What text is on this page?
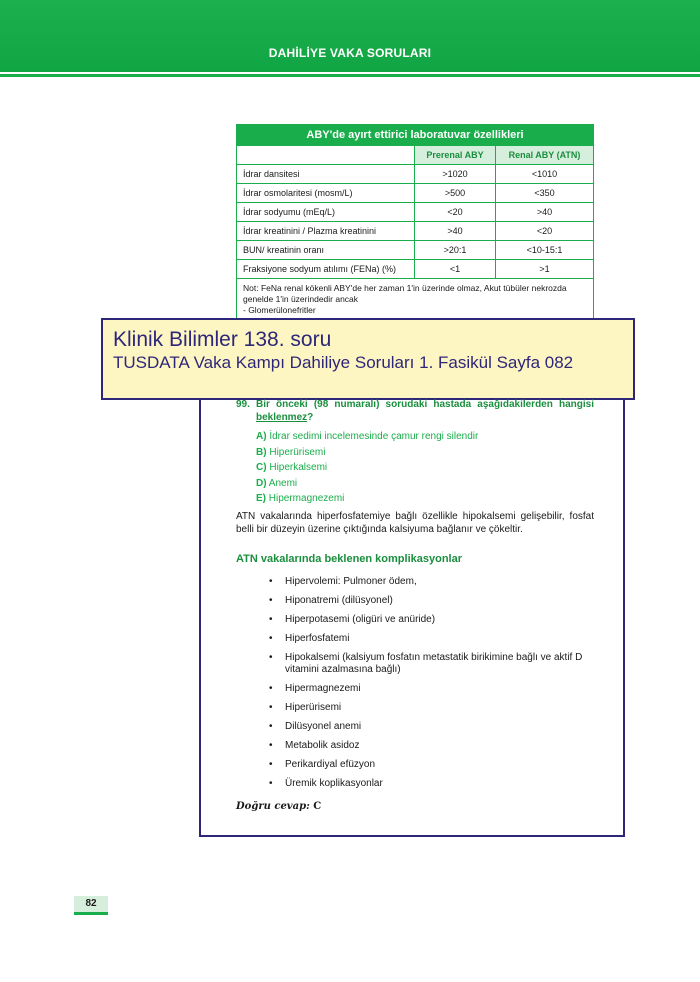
DAHİLİYE VAKA SORULARI
ABY'de ayırt ettirici laboratuvar özellikleri		
	Prerenal ABY	Renal ABY (ATN)
İdrar dansitesi	>1020	<1010
İdrar osmolaritesi (mosm/L)	>500	<350
İdrar sodyumu (mEq/L)	<20	>40
İdrar kreatinini / Plazma kreatinini	>40	<20
BUN/ kreatinin oranı	>20:1	<10-15:1
Fraksiyone sodyum atılımı (FENa) (%)	<1	>1

Not: FeNa renal kökenli ABY'de her zaman 1'in üzerinde olmaz, Akut tübüler nekrozda
genelde 1'in üzerindedir ancak
- Glomerülonefritler		
Klinik Bilimler 138. soru
TUSDATA Vaka Kampı Dahiliye Soruları 1. Fasikül Sayfa 082
99. Bir önceki (98 numaralı) sorudaki hastada aşağıdakilerden hangisi beklenmez?
A) İdrar sedimi incelemesinde çamur rengi silendir
B) Hiperürisemi
C) Hiperkalsemi
D) Anemi
E) Hipermagnezemi
ATN vakalarında hiperfosfatemiye bağlı özellikle hipokalsemi gelişebilir, fosfat belli bir düzeyin üzerine çıktığında kalsiyuma bağlanır ve çökeltir.
ATN vakalarında beklenen komplikasyonlar
• Hipervolemi: Pulmoner ödem,
• Hiponatremi (dilüsyonel)
• Hiperpotasemi (oligüri ve anüride)
• Hiperfosfatemi
• Hipokalsemi (kalsiyum fosfatın metastatik birikimine bağlı ve aktif D vitamini azalmasına bağlı)
• Hipermagnezemi
• Hiperürisemi
• Dilüsyonel anemi
• Metabolik asidoz
• Perikardiyal efüzyon
• Üremik koplikasyonlar
Doğru cevap: C
82
